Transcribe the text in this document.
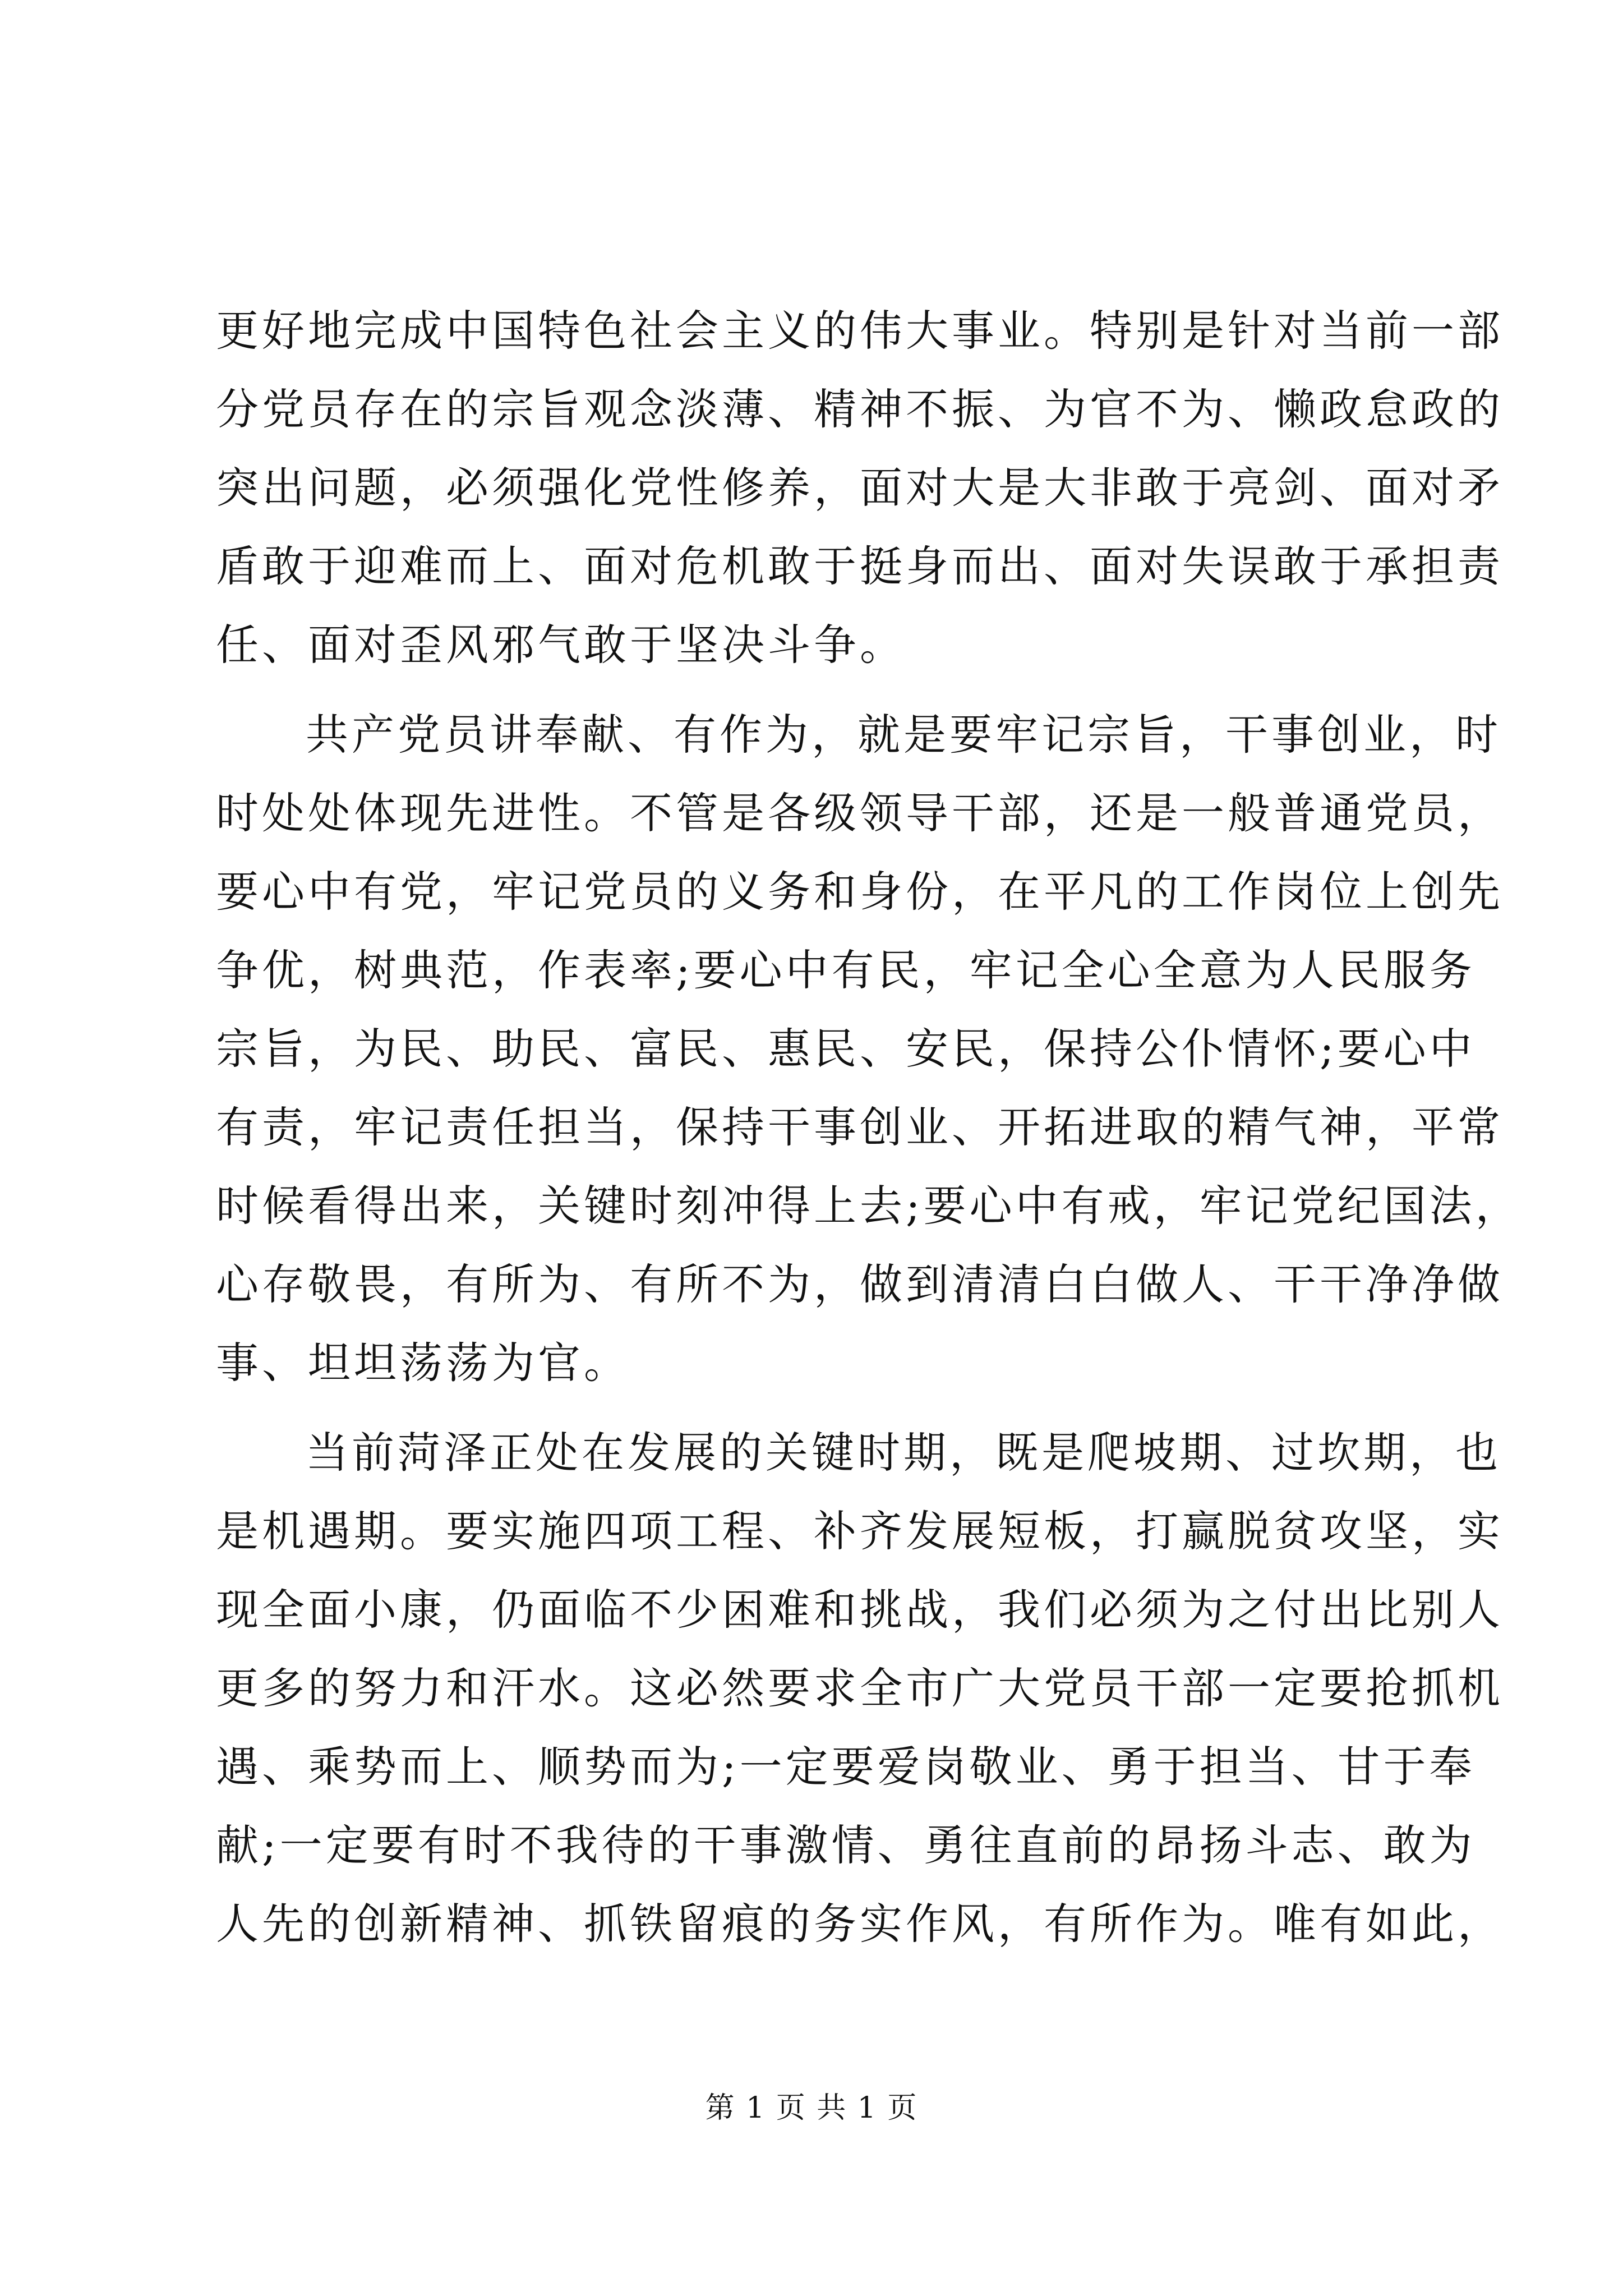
更好地完成中国特色社会主义的伟大事业。特别是针对当前一部
分党员存在的宗旨观念淡薄、精神不振、为官不为、懒政怠政的
突出问题，必须强化党性修养，面对大是大非敢于亮剑、面对矛
盾敢于迎难而上、面对危机敢于挺身而出、面对失误敢于承担责
任、面对歪风邪气敢于坚决斗争。
共产党员讲奉献、有作为，就是要牢记宗旨，干事创业，时
时处处体现先进性。不管是各级领导干部，还是一般普通党员，
要心中有党，牢记党员的义务和身份，在平凡的工作岗位上创先
争优，树典范，作表率;要心中有民，牢记全心全意为人民服务
宗旨，为民、助民、富民、惠民、安民，保持公仆情怀;要心中
有责，牢记责任担当，保持干事创业、开拓进取的精气神，平常
时候看得出来，关键时刻冲得上去;要心中有戒，牢记党纪国法，
心存敬畏，有所为、有所不为，做到清清白白做人、干干净净做
事、坦坦荡荡为官。
当前菏泽正处在发展的关键时期，既是爬坡期、过坎期，也
是机遇期。要实施四项工程、补齐发展短板，打赢脱贫攻坚，实
现全面小康，仍面临不少困难和挑战，我们必须为之付出比别人
更多的努力和汗水。这必然要求全市广大党员干部一定要抢抓机
遇、乘势而上、顺势而为;一定要爱岗敬业、勇于担当、甘于奉
献;一定要有时不我待的干事激情、勇往直前的昂扬斗志、敢为
人先的创新精神、抓铁留痕的务实作风，有所作为。唯有如此，
第 1 页 共 1 页
